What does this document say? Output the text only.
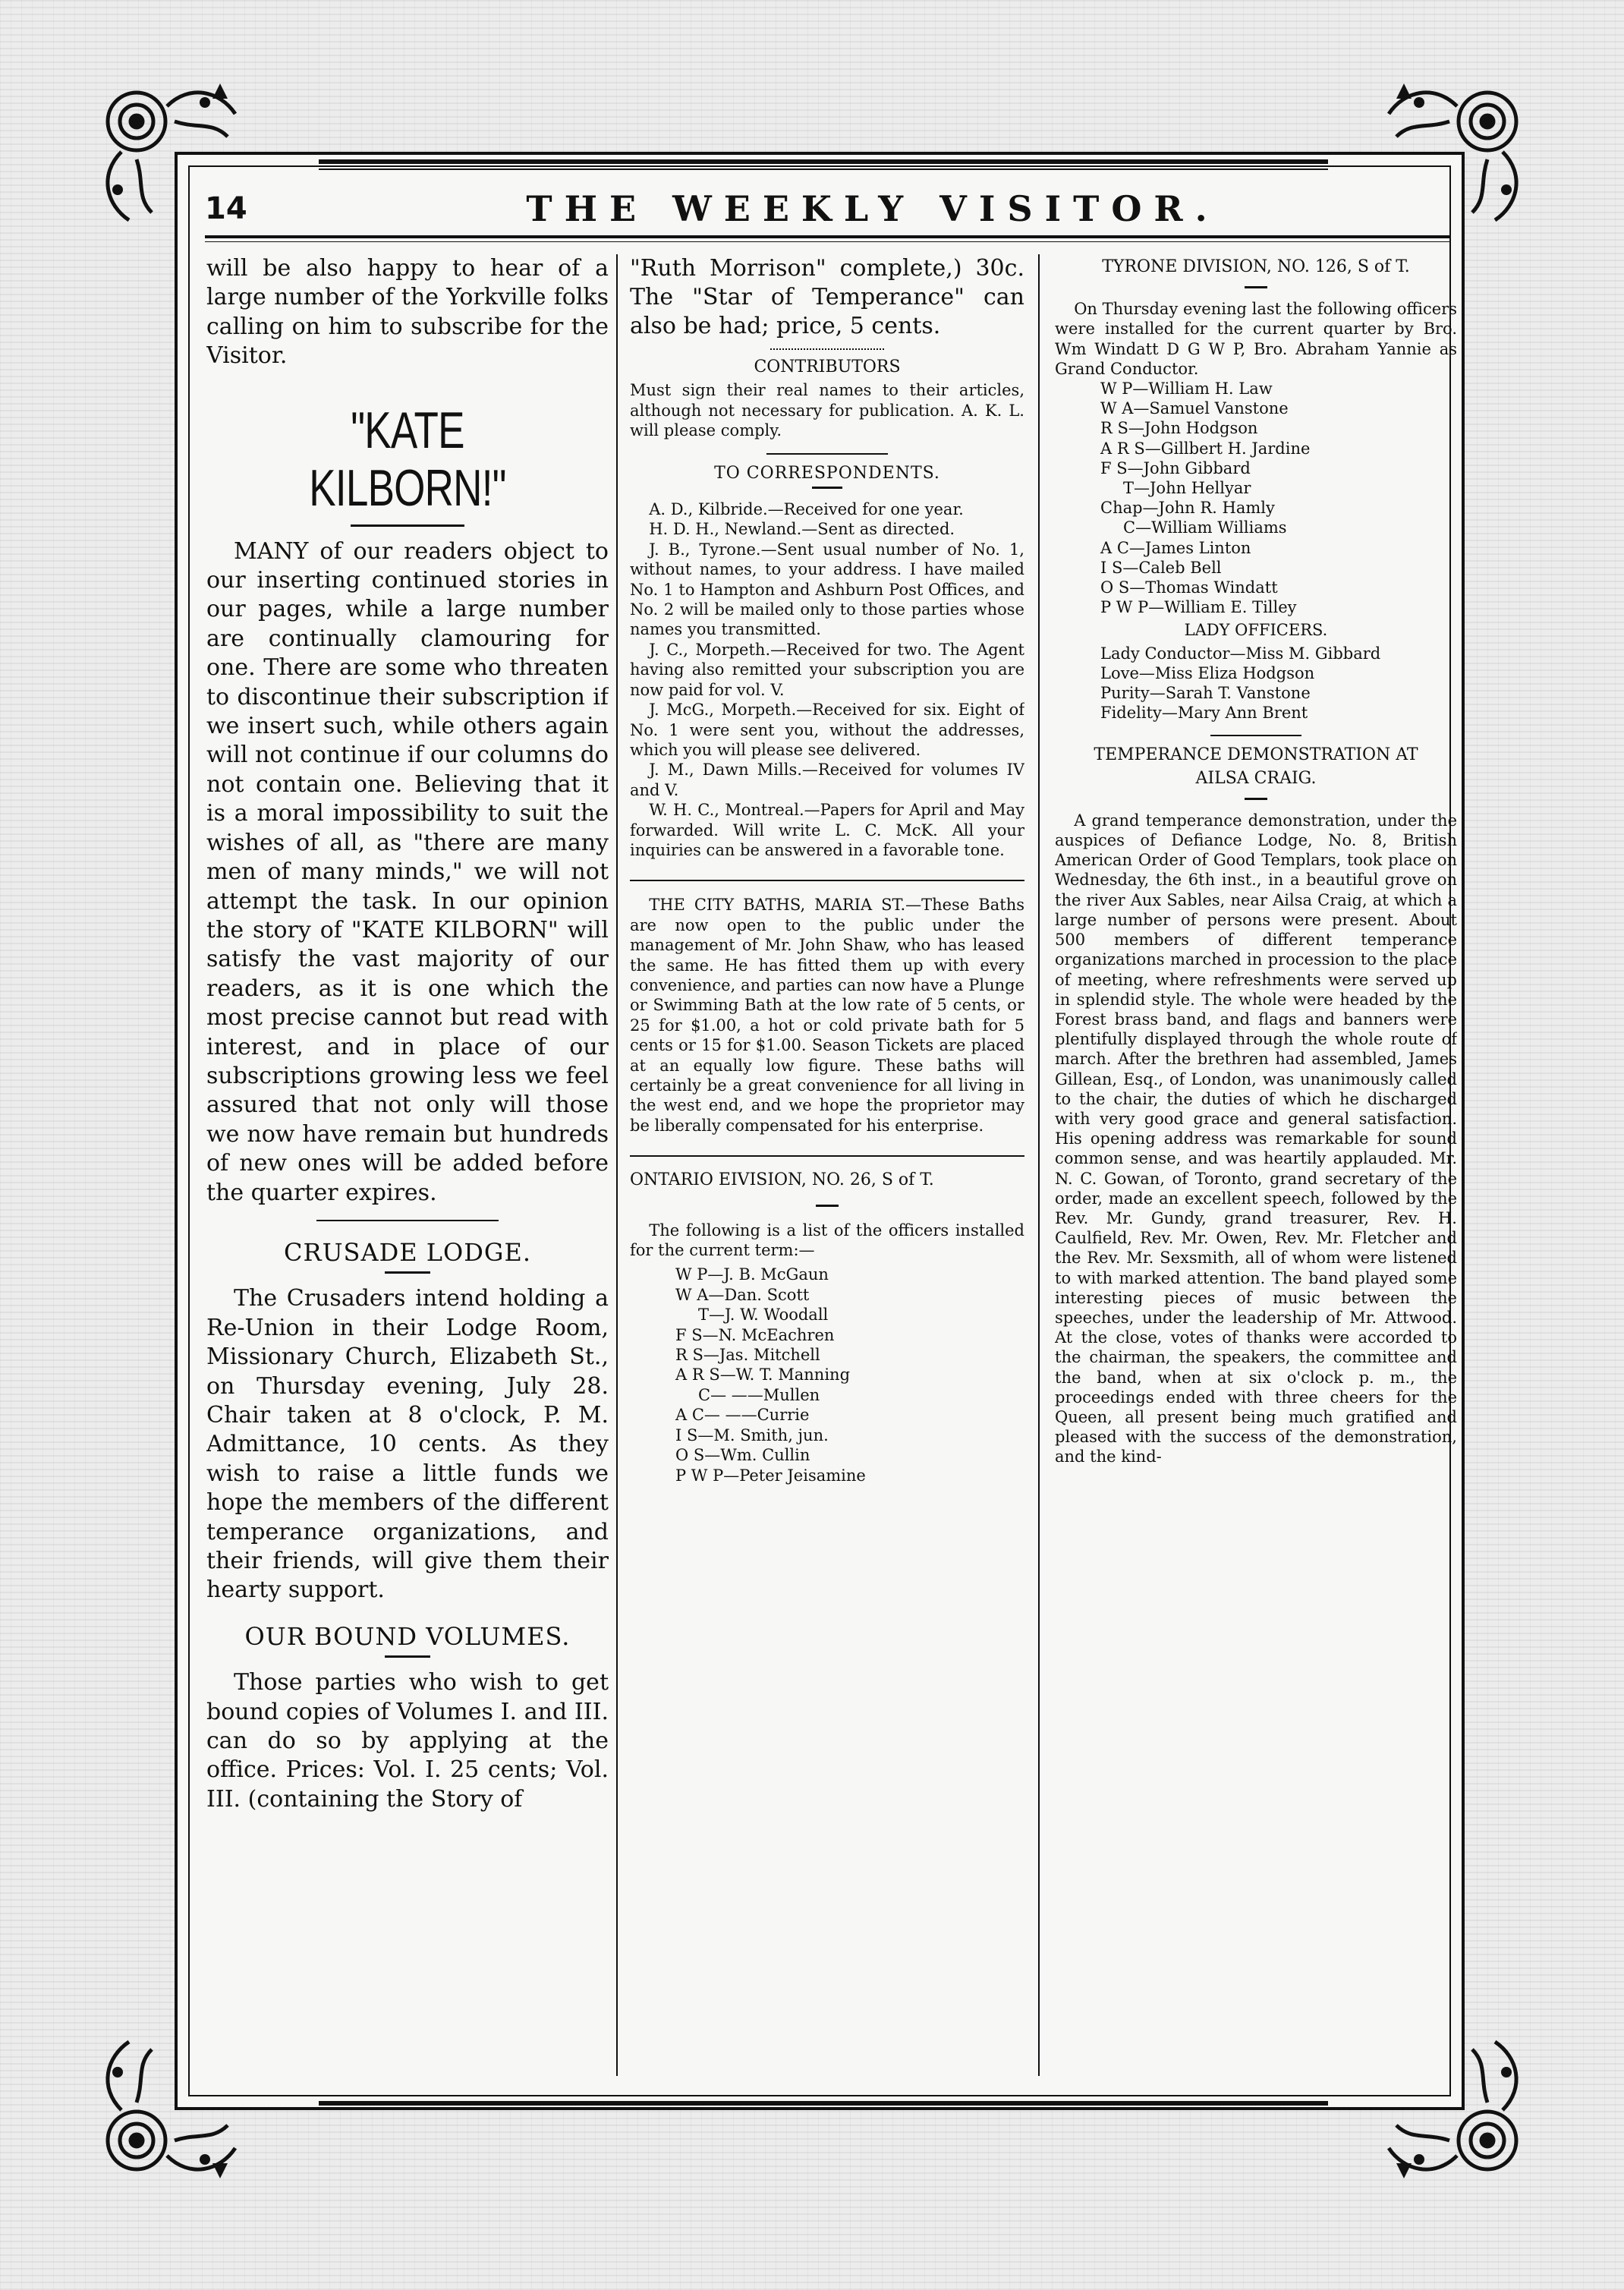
14	THE WEEKLY VISITOR.

will be also happy to hear of a large number of the Yorkville folks calling on him to subscribe for the Visitor.

"KATE KILBORN!"

MANY of our readers object to our inserting continued stories in our pages, while a large number are continually clamouring for one. There are some who threaten to discontinue their subscription if we insert such, while others again will not continue if our columns do not contain one. Believing that it is a moral impossibility to suit the wishes of all, as "there are many men of many minds," we will not attempt the task. In our opinion the story of "KATE KILBORN" will satisfy the vast majority of our readers, as it is one which the most precise cannot but read with interest, and in place of our subscriptions growing less we feel assured that not only will those we now have remain but hundreds of new ones will be added before the quarter expires.

CRUSADE LODGE.

The Crusaders intend holding a Re-Union in their Lodge Room, Missionary Church, Elizabeth St., on Thursday evening, July 28. Chair taken at 8 o'clock, P. M. Admittance, 10 cents. As they wish to raise a little funds we hope the members of the different temperance organizations, and their friends, will give them their hearty support.

OUR BOUND VOLUMES.

Those parties who wish to get bound copies of Volumes I. and III. can do so by applying at the office. Prices: Vol. I. 25 cents; Vol. III. (containing the Story of

"Ruth Morrison" complete,) 30c. The "Star of Temperance" can also be had; price, 5 cents.

CONTRIBUTORS

Must sign their real names to their articles, although not necessary for publication. A. K. L. will please comply.

TO CORRESPONDENTS.

A. D., Kilbride.—Received for one year.

H. D. H., Newland.—Sent as directed.

J. B., Tyrone.—Sent usual number of No. 1, without names, to your address. I have mailed No. 1 to Hampton and Ashburn Post Offices, and No. 2 will be mailed only to those parties whose names you transmitted.

J. C., Morpeth.—Received for two. The Agent having also remitted your subscription you are now paid for vol. V.

J. McG., Morpeth.—Received for six. Eight of No. 1 were sent you, without the addresses, which you will please see delivered.

J. M., Dawn Mills.—Received for volumes IV and V.

W. H. C., Montreal.—Papers for April and May forwarded. Will write L. C. McK. All your inquiries can be answered in a favorable tone.

THE CITY BATHS, MARIA ST.—These Baths are now open to the public under the management of Mr. John Shaw, who has leased the same. He has fitted them up with every convenience, and parties can now have a Plunge or Swimming Bath at the low rate of 5 cents, or 25 for $1.00, a hot or cold private bath for 5 cents or 15 for $1.00. Season Tickets are placed at an equally low figure. These baths will certainly be a great convenience for all living in the west end, and we hope the proprietor may be liberally compensated for his enterprise.

ONTARIO EIVISION, NO. 26, S of T.

The following is a list of the officers installed for the current term:—

W P—J. B. McGaun
W A—Dan. Scott
T—J. W. Woodall
F S—N. McEachren
R S—Jas. Mitchell
A R S—W. T. Manning
C— ——Mullen
A C— ——Currie
I S—M. Smith, jun.
O S—Wm. Cullin
P W P—Peter Jeisamine
TYRONE DIVISION, NO. 126, S of T.

On Thursday evening last the following officers were installed for the current quarter by Bro. Wm Windatt D G W P, Bro. Abraham Yannie as Grand Conductor.

W P—William H. Law
W A—Samuel Vanstone
R S—John Hodgson
A R S—Gillbert H. Jardine
F S—John Gibbard
T—John Hellyar
Chap—John R. Hamly
C—William Williams
A C—James Linton
I S—Caleb Bell
O S—Thomas Windatt
P W P—William E. Tilley
LADY OFFICERS.
Lady Conductor—Miss M. Gibbard
Love—Miss Eliza Hodgson
Purity—Sarah T. Vanstone
Fidelity—Mary Ann Brent
TEMPERANCE DEMONSTRATION AT
AILSA CRAIG.

A grand temperance demonstration, under the auspices of Defiance Lodge, No. 8, British American Order of Good Templars, took place on Wednesday, the 6th inst., in a beautiful grove on the river Aux Sables, near Ailsa Craig, at which a large number of persons were present. About 500 members of different temperance organizations marched in procession to the place of meeting, where refreshments were served up in splendid style. The whole were headed by the Forest brass band, and flags and banners were plentifully displayed through the whole route of march. After the brethren had assembled, James Gillean, Esq., of London, was unanimously called to the chair, the duties of which he discharged with very good grace and general satisfaction. His opening address was remarkable for sound common sense, and was heartily applauded. Mr. N. C. Gowan, of Toronto, grand secretary of the order, made an excellent speech, followed by the Rev. Mr. Gundy, grand treasurer, Rev. H. Caulfield, Rev. Mr. Owen, Rev. Mr. Fletcher and the Rev. Mr. Sexsmith, all of whom were listened to with marked attention. The band played some interesting pieces of music between the speeches, under the leadership of Mr. Attwood. At the close, votes of thanks were accorded to the chairman, the speakers, the committee and the band, when at six o'clock p. m., the proceedings ended with three cheers for the Queen, all present being much gratified and pleased with the success of the demonstration, and the kind-
